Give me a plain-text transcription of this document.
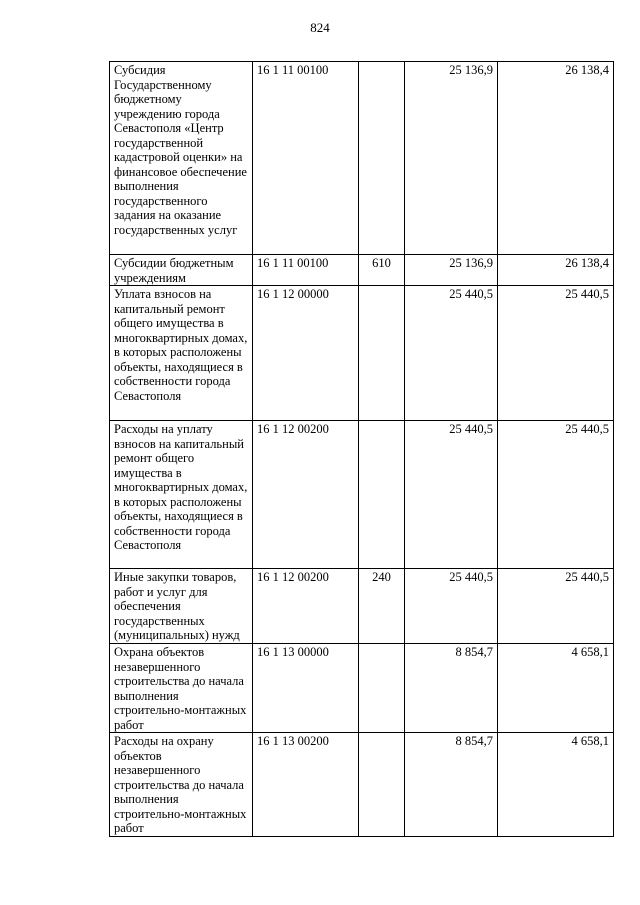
824
Субсидия Государственному бюджетному учреждению города Севастополя «Центр государственной кадастровой оценки» на финансовое обеспечение выполнения государственного задания на оказание государственных услуг	16 1 11 00100		25 136,9	26 138,4
Субсидии бюджетным учреждениям	16 1 11 00100	610	25 136,9	26 138,4
Уплата взносов на капитальный ремонт общего имущества в многоквартирных домах, в которых расположены объекты, находящиеся в собственности города Севастополя	16 1 12 00000		25 440,5	25 440,5
Расходы на уплату взносов на капитальный ремонт общего имущества в многоквартирных домах, в которых расположены объекты, находящиеся в собственности города Севастополя	16 1 12 00200		25 440,5	25 440,5
Иные закупки товаров, работ и услуг для обеспечения государственных (муниципальных) нужд	16 1 12 00200	240	25 440,5	25 440,5
Охрана объектов незавершенного строительства до начала выполнения строительно-монтажных работ	16 1 13 00000		8 854,7	4 658,1
Расходы на охрану объектов незавершенного строительства до начала выполнения строительно-монтажных работ	16 1 13 00200		8 854,7	4 658,1
